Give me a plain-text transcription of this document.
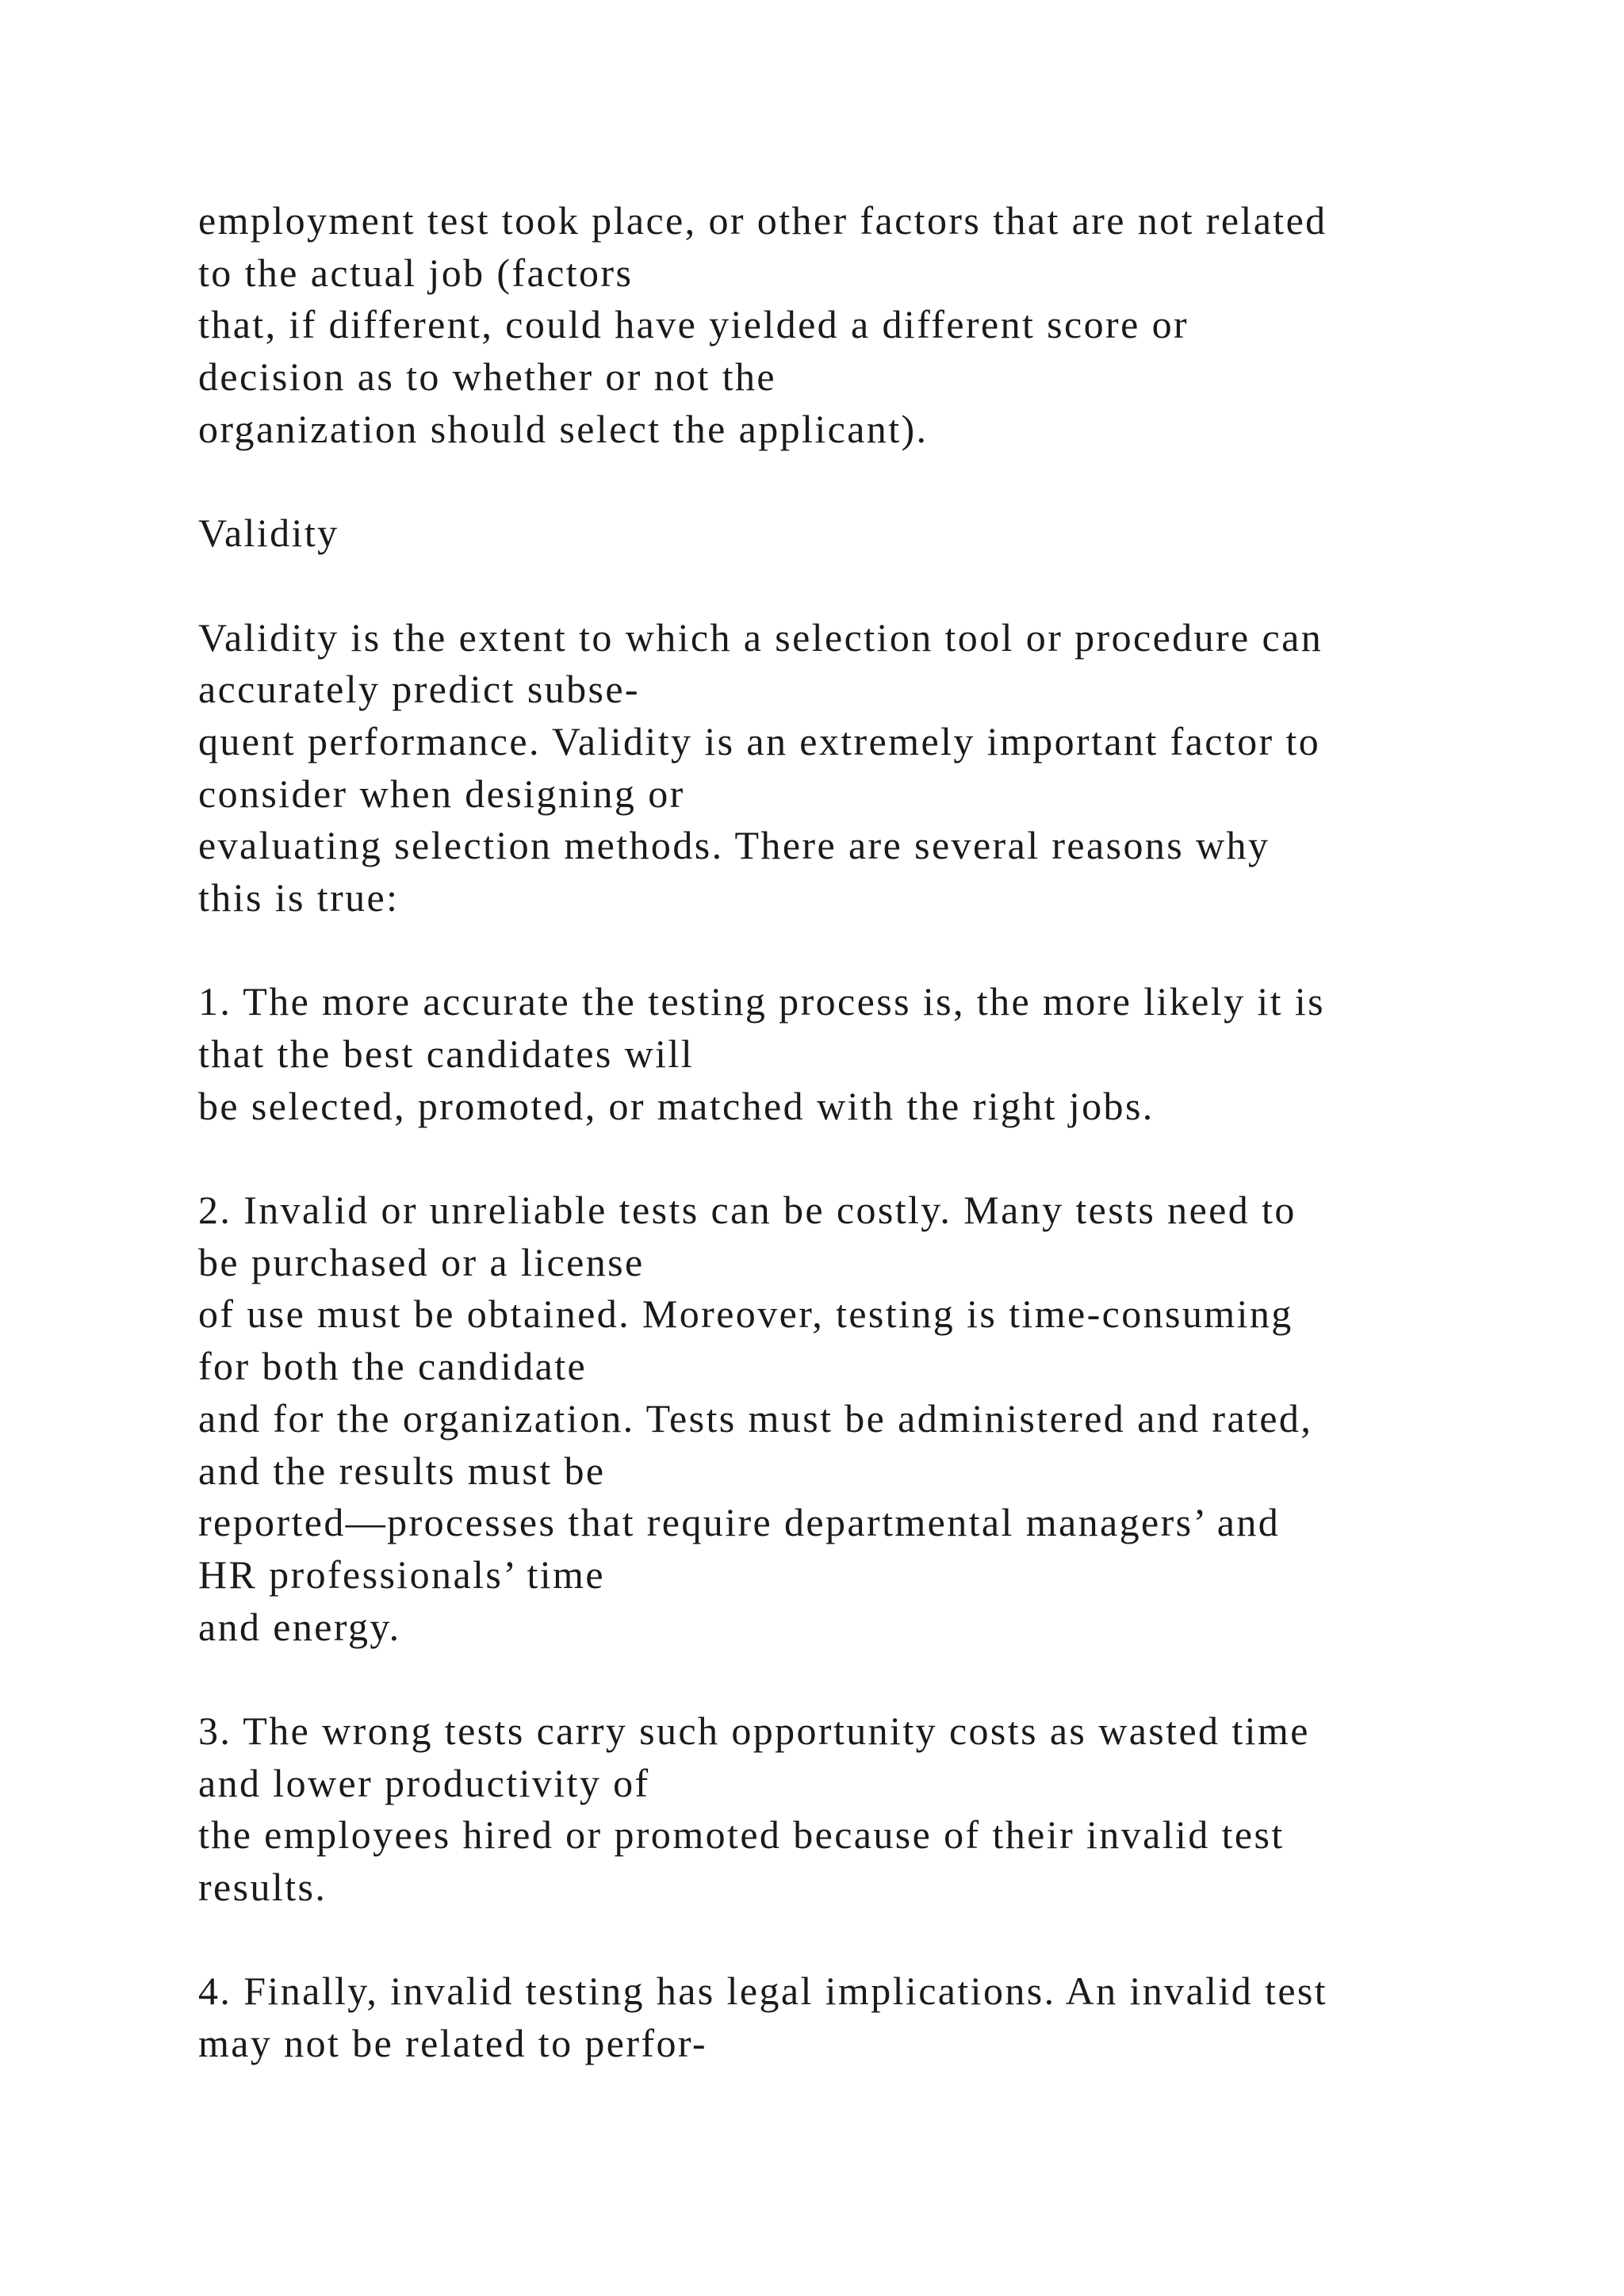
employment test took place, or other factors that are not related
to the actual job (factors
that, if different, could have yielded a different score or
decision as to whether or not the
organization should select the applicant).
Validity
Validity is the extent to which a selection tool or procedure can
accurately predict subse-
quent performance. Validity is an extremely important factor to
consider when designing or
evaluating selection methods. There are several reasons why
this is true:
1. The more accurate the testing process is, the more likely it is
that the best candidates will
be selected, promoted, or matched with the right jobs.
2. Invalid or unreliable tests can be costly. Many tests need to
be purchased or a license
of use must be obtained. Moreover, testing is time-consuming
for both the candidate
and for the organization. Tests must be administered and rated,
and the results must be
reported—processes that require departmental managers’ and
HR professionals’ time
and energy.
3. The wrong tests carry such opportunity costs as wasted time
and lower productivity of
the employees hired or promoted because of their invalid test
results.
4. Finally, invalid testing has legal implications. An invalid test
may not be related to perfor-
